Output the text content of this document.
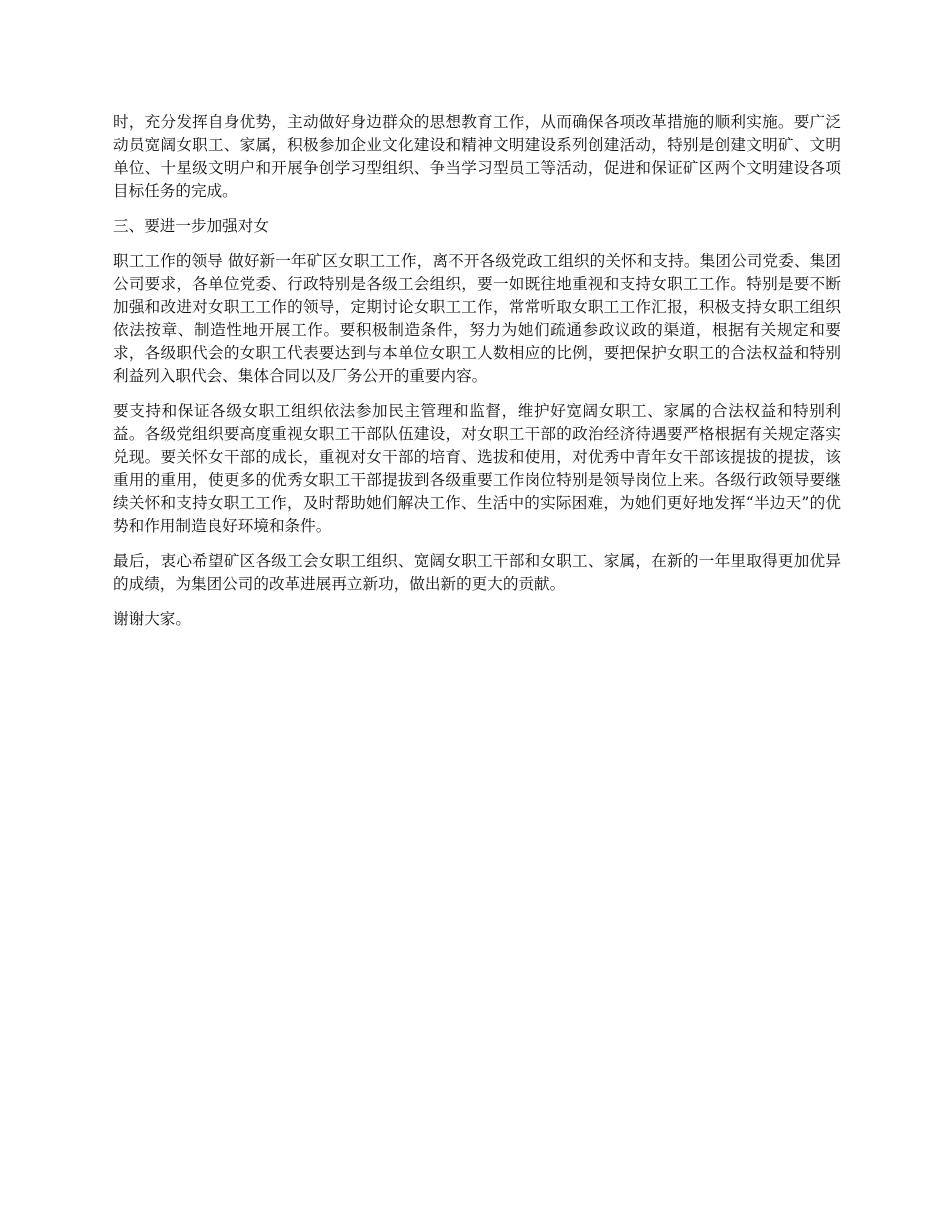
时，充分发挥自身优势，主动做好身边群众的思想教育工作，从而确保各项改革措施的顺利实施。要广泛动员宽阔女职工、家属，积极参加企业文化建设和精神文明建设系列创建活动，特别是创建文明矿、文明单位、十星级文明户和开展争创学习型组织、争当学习型员工等活动，促进和保证矿区两个文明建设各项目标任务的完成。

三、要进一步加强对女

职工工作的领导 做好新一年矿区女职工工作，离不开各级党政工组织的关怀和支持。集团公司党委、集团公司要求，各单位党委、行政特别是各级工会组织，要一如既往地重视和支持女职工工作。特别是要不断加强和改进对女职工工作的领导，定期讨论女职工工作，常常听取女职工工作汇报，积极支持女职工组织依法按章、制造性地开展工作。要积极制造条件，努力为她们疏通参政议政的渠道，根据有关规定和要求，各级职代会的女职工代表要达到与本单位女职工人数相应的比例，要把保护女职工的合法权益和特别利益列入职代会、集体合同以及厂务公开的重要内容。

要支持和保证各级女职工组织依法参加民主管理和监督，维护好宽阔女职工、家属的合法权益和特别利益。各级党组织要高度重视女职工干部队伍建设，对女职工干部的政治经济待遇要严格根据有关规定落实兑现。要关怀女干部的成长，重视对女干部的培育、选拔和使用，对优秀中青年女干部该提拔的提拔，该重用的重用，使更多的优秀女职工干部提拔到各级重要工作岗位特别是领导岗位上来。各级行政领导要继续关怀和支持女职工工作，及时帮助她们解决工作、生活中的实际困难，为她们更好地发挥“半边天”的优势和作用制造良好环境和条件。

最后，衷心希望矿区各级工会女职工组织、宽阔女职工干部和女职工、家属，在新的一年里取得更加优异的成绩，为集团公司的改革进展再立新功，做出新的更大的贡献。

谢谢大家。
